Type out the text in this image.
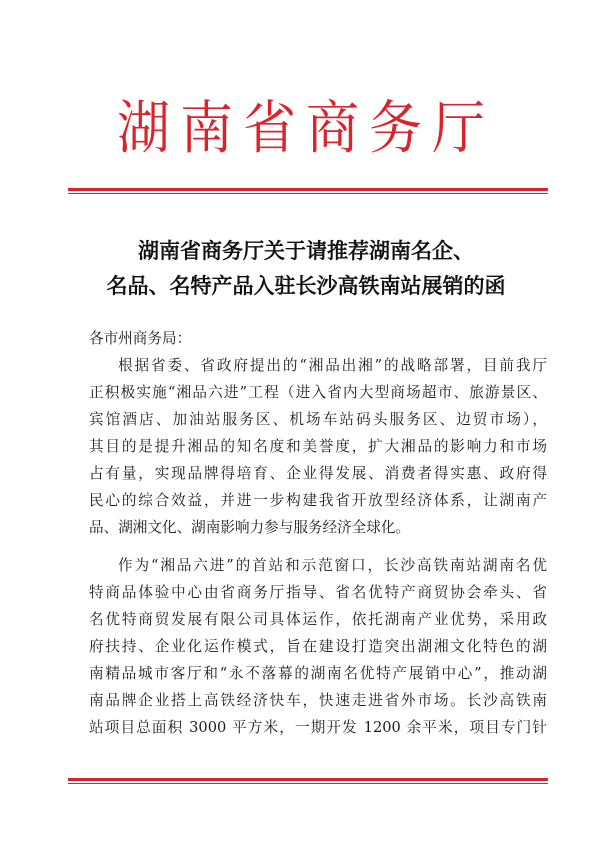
湖南省商务厅
湖南省商务厅关于请推荐湖南名企、
名品、名特产品入驻长沙高铁南站展销的函
各市州商务局：
根据省委、省政府提出的“湘品出湘”的战略部署，目前我厅
正积极实施“湘品六进”工程（进入省内大型商场超市、旅游景区、
宾馆酒店、加油站服务区、机场车站码头服务区、边贸市场），
其目的是提升湘品的知名度和美誉度，扩大湘品的影响力和市场
占有量，实现品牌得培育、企业得发展、消费者得实惠、政府得
民心的综合效益，并进一步构建我省开放型经济体系，让湖南产
品、湖湘文化、湖南影响力参与服务经济全球化。
作为“湘品六进”的首站和示范窗口，长沙高铁南站湖南名优
特商品体验中心由省商务厅指导、省名优特产商贸协会牵头、省
名优特商贸发展有限公司具体运作，依托湖南产业优势，采用政
府扶持、企业化运作模式，旨在建设打造突出湖湘文化特色的湖
南精品城市客厅和“永不落幕的湖南名优特产展销中心”，推动湖
南品牌企业搭上高铁经济快车，快速走进省外市场。长沙高铁南
站项目总面积 3000 平方米，一期开发 1200 余平米，项目专门针
